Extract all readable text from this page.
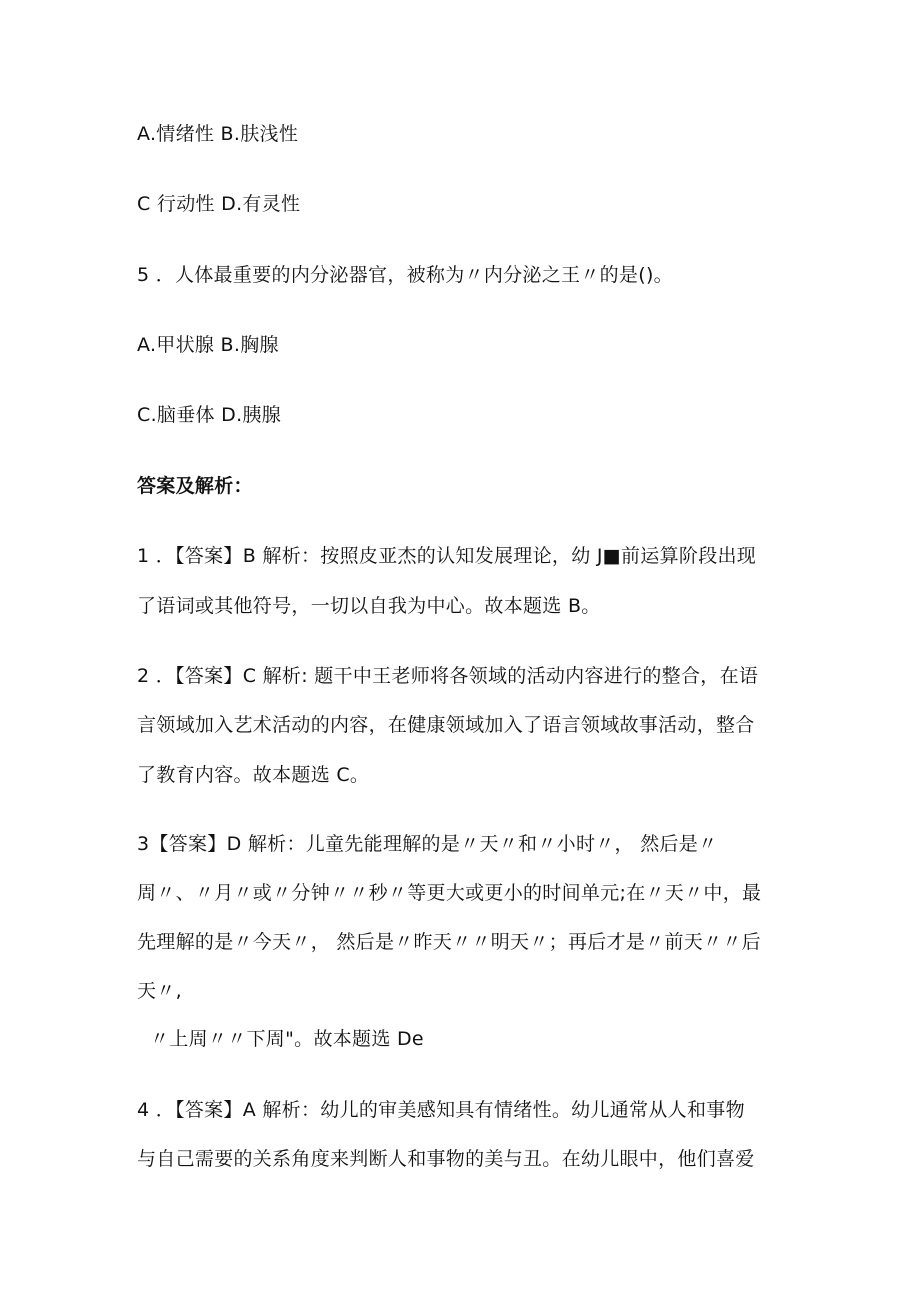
A.情绪性 B.肤浅性
C 行动性 D.有灵性
5 ．人体最重要的内分泌器官，被称为〃内分泌之王〃的是()。
A.甲状腺 B.胸腺
C.脑垂体 D.胰腺
答案及解析：
1 ．【答案】B 解析：按照皮亚杰的认知发展理论，幼 J■前运算阶段出现
了语词或其他符号，一切以自我为中心。故本题选 B。
2 ．【答案】C 解析: 题干中王老师将各领域的活动内容进行的整合，在语
言领域加入艺术活动的内容，在健康领域加入了语言领域故事活动，整合
了教育内容。故本题选 C。
3【答案】D 解析：儿童先能理解的是〃天〃和〃小时〃， 然后是〃
周〃、〃月〃或〃分钟〃〃秒〃等更大或更小的时间单元;在〃天〃中，最
先理解的是〃今天〃， 然后是〃昨天〃〃明天〃；再后才是〃前天〃〃后
天〃,
〃上周〃〃下周"。故本题选 De
4 ．【答案】A 解析：幼儿的审美感知具有情绪性。幼儿通常从人和事物
与自己需要的关系角度来判断人和事物的美与丑。在幼儿眼中，他们喜爱
